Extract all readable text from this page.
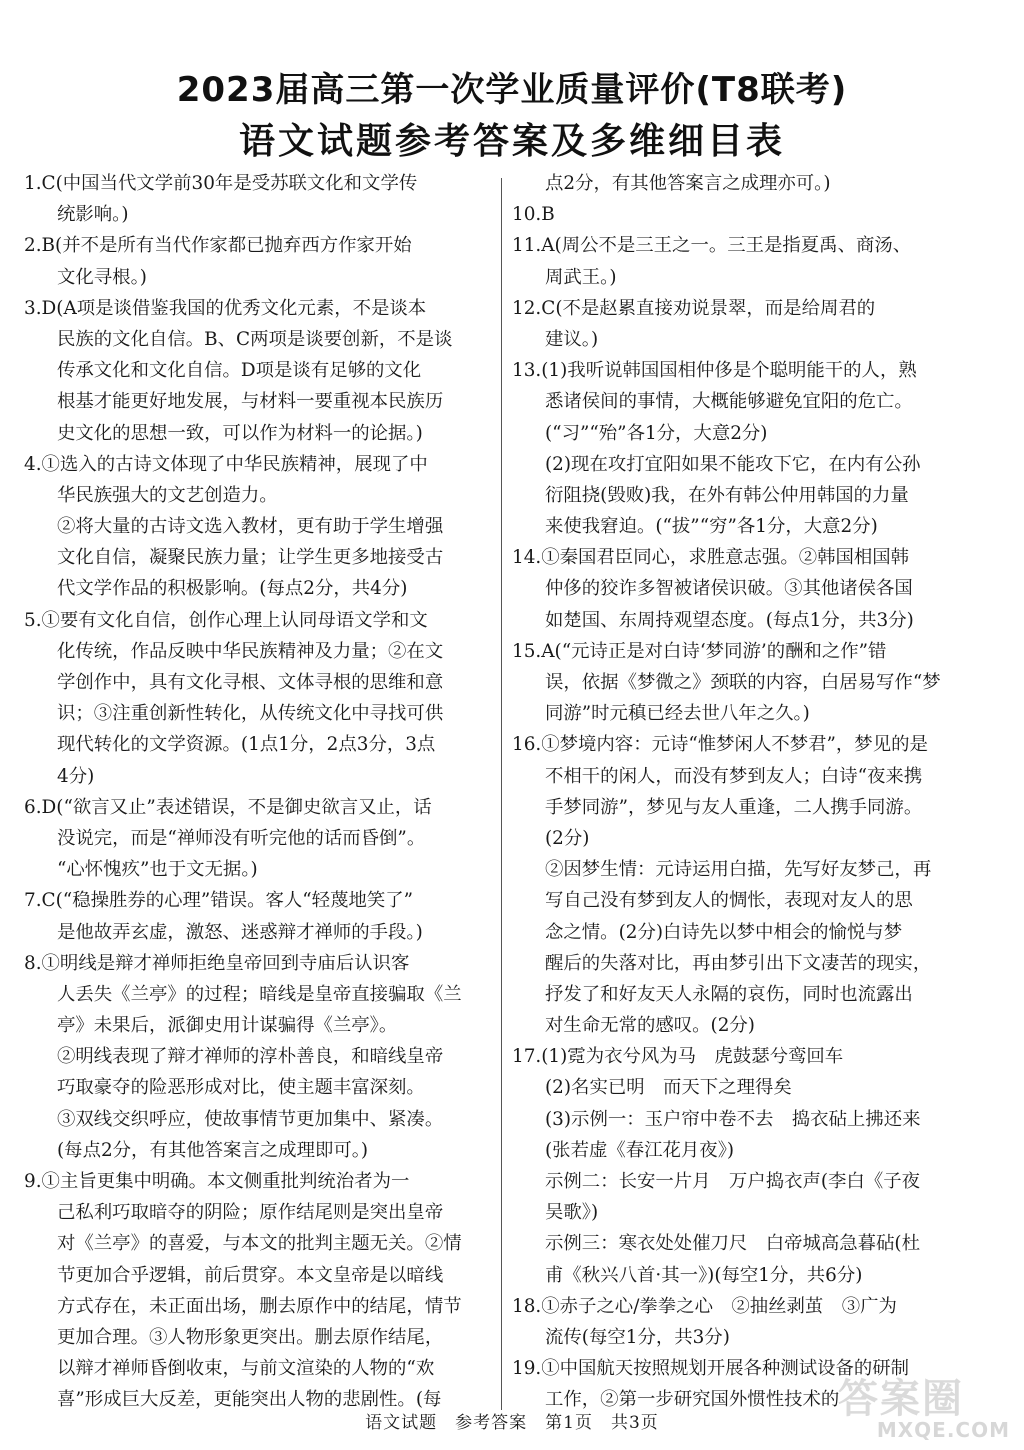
2023届高三第一次学业质量评价(T8联考)
语文试题参考答案及多维细目表
1.C(中国当代文学前30年是受苏联文化和文学传
统影响。)
2.B(并不是所有当代作家都已抛弃西方作家开始
文化寻根。)
3.D(A项是谈借鉴我国的优秀文化元素，不是谈本
民族的文化自信。B、C两项是谈要创新，不是谈
传承文化和文化自信。D项是谈有足够的文化
根基才能更好地发展，与材料一要重视本民族历
史文化的思想一致，可以作为材料一的论据。)
4.①选入的古诗文体现了中华民族精神，展现了中
华民族强大的文艺创造力。
②将大量的古诗文选入教材，更有助于学生增强
文化自信，凝聚民族力量；让学生更多地接受古
代文学作品的积极影响。(每点2分，共4分)
5.①要有文化自信，创作心理上认同母语文学和文
化传统，作品反映中华民族精神及力量；②在文
学创作中，具有文化寻根、文体寻根的思维和意
识；③注重创新性转化，从传统文化中寻找可供
现代转化的文学资源。(1点1分，2点3分，3点
4分)
6.D(“欲言又止”表述错误，不是御史欲言又止，话
没说完，而是“禅师没有听完他的话而昏倒”。
“心怀愧疚”也于文无据。)
7.C(“稳操胜券的心理”错误。客人“轻蔑地笑了”
是他故弄玄虚，激怒、迷惑辩才禅师的手段。)
8.①明线是辩才禅师拒绝皇帝回到寺庙后认识客
人丢失《兰亭》的过程；暗线是皇帝直接骗取《兰
亭》未果后，派御史用计谋骗得《兰亭》。
②明线表现了辩才禅师的淳朴善良，和暗线皇帝
巧取豪夺的险恶形成对比，使主题丰富深刻。
③双线交织呼应，使故事情节更加集中、紧凑。
(每点2分，有其他答案言之成理即可。)
9.①主旨更集中明确。本文侧重批判统治者为一
己私利巧取暗夺的阴险；原作结尾则是突出皇帝
对《兰亭》的喜爱，与本文的批判主题无关。②情
节更加合乎逻辑，前后贯穿。本文皇帝是以暗线
方式存在，未正面出场，删去原作中的结尾，情节
更加合理。③人物形象更突出。删去原作结尾，
以辩才禅师昏倒收束，与前文渲染的人物的“欢
喜”形成巨大反差，更能突出人物的悲剧性。(每
点2分，有其他答案言之成理亦可。)
10.B
11.A(周公不是三王之一。三王是指夏禹、商汤、
周武王。)
12.C(不是赵累直接劝说景翠，而是给周君的
建议。)
13.(1)我听说韩国国相仲侈是个聪明能干的人，熟
悉诸侯间的事情，大概能够避免宜阳的危亡。
(“习”“殆”各1分，大意2分)
(2)现在攻打宜阳如果不能攻下它，在内有公孙
衍阻挠(毁败)我，在外有韩公仲用韩国的力量
来使我窘迫。(“拔”“穷”各1分，大意2分)
14.①秦国君臣同心，求胜意志强。②韩国相国韩
仲侈的狡诈多智被诸侯识破。③其他诸侯各国
如楚国、东周持观望态度。(每点1分，共3分)
15.A(“元诗正是对白诗‘梦同游’的酬和之作”错
误，依据《梦微之》颈联的内容，白居易写作“梦
同游”时元稹已经去世八年之久。)
16.①梦境内容：元诗“惟梦闲人不梦君”，梦见的是
不相干的闲人，而没有梦到友人；白诗“夜来携
手梦同游”，梦见与友人重逢，二人携手同游。
(2分)
②因梦生情：元诗运用白描，先写好友梦己，再
写自己没有梦到友人的惆怅，表现对友人的思
念之情。(2分)白诗先以梦中相会的愉悦与梦
醒后的失落对比，再由梦引出下文凄苦的现实，
抒发了和好友天人永隔的哀伤，同时也流露出
对生命无常的感叹。(2分)
17.(1)霓为衣兮风为马　虎鼓瑟兮鸾回车
(2)名实已明　而天下之理得矣
(3)示例一：玉户帘中卷不去　捣衣砧上拂还来
(张若虚《春江花月夜》)
示例二：长安一片月　万户捣衣声(李白《子夜
吴歌》)
示例三：寒衣处处催刀尺　白帝城高急暮砧(杜
甫《秋兴八首·其一》)(每空1分，共6分)
18.①赤子之心/拳拳之心　②抽丝剥茧　③广为
流传(每空1分，共3分)
19.①中国航天按照规划开展各种测试设备的研制
工作，②第一步研究国外惯性技术的
语文试题　参考答案　第1页　共3页
答案圈
MXQE.COM
